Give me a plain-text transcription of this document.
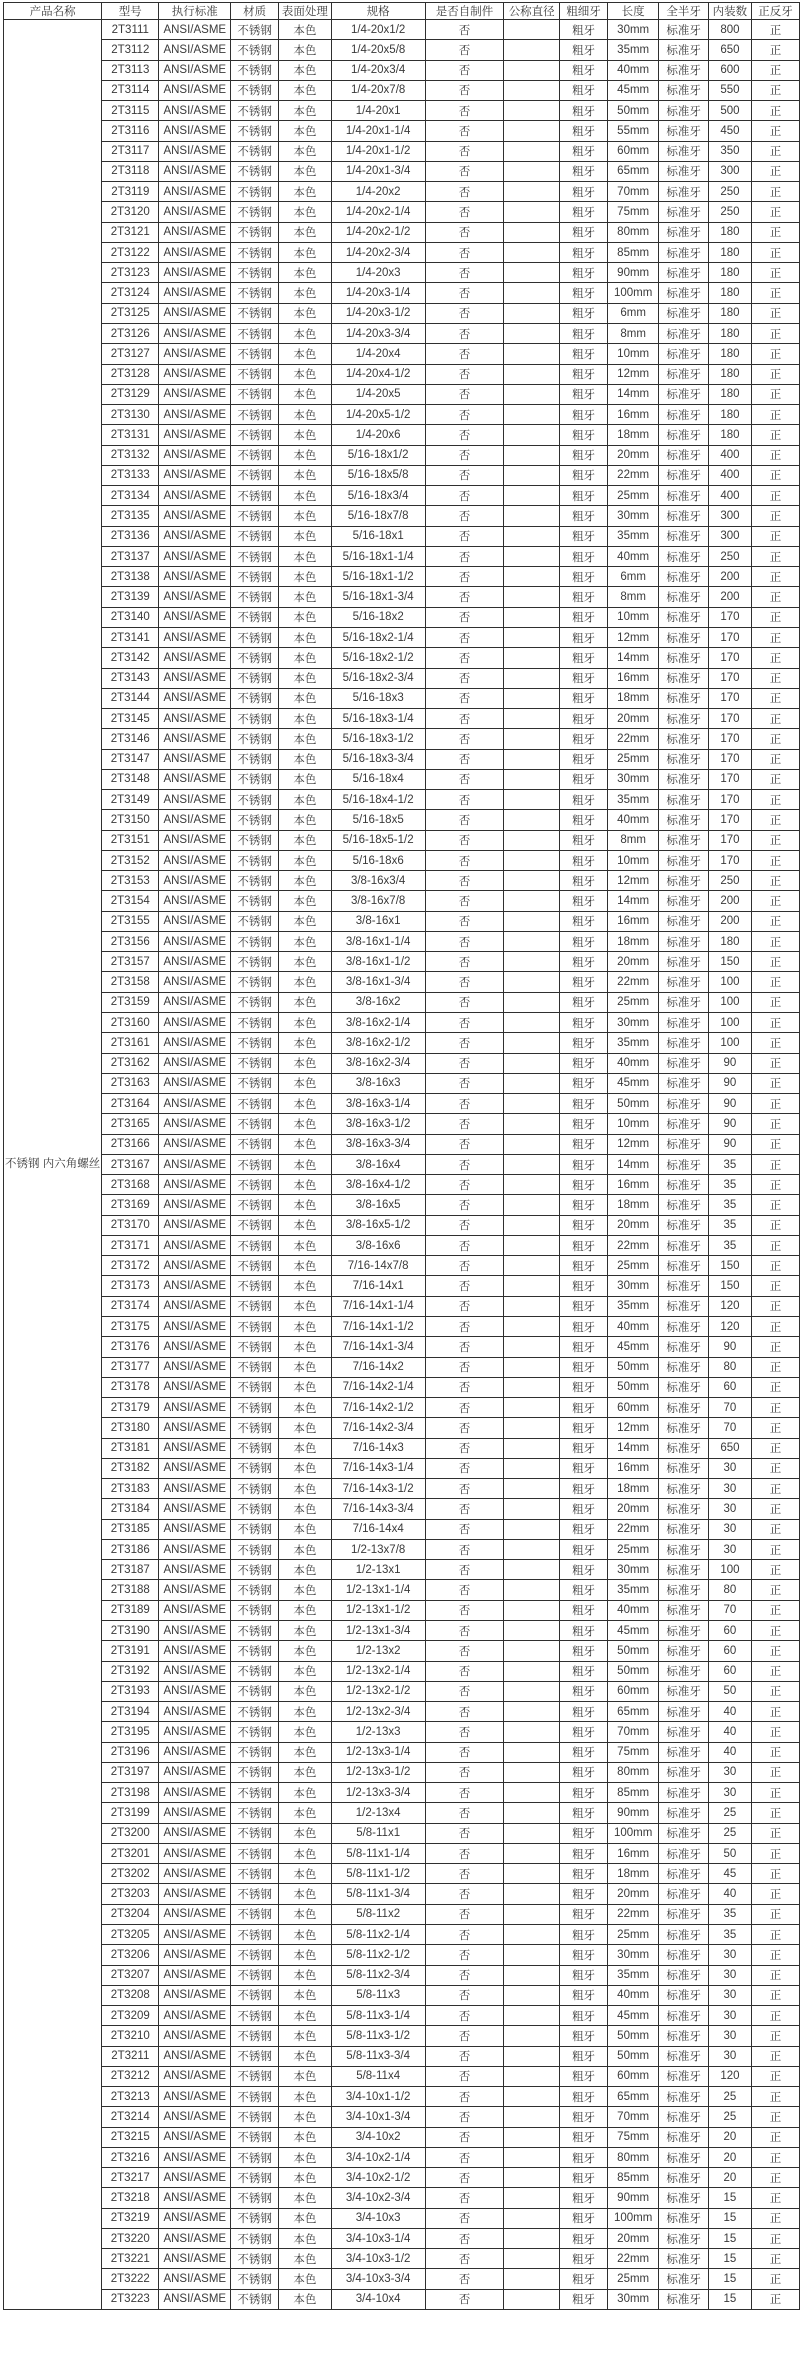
产品名称	型号	执行标准	材质	表面处理	规格	是否自制件	公称直径	粗细牙	长度	全半牙	内装数	正反牙
不锈钢 内六角螺丝	2T3111	ANSI/ASME	不锈钢	本色	1/4-20x1/2	否		粗牙	30mm	标准牙	800	正
	2T3112	ANSI/ASME	不锈钢	本色	1/4-20x5/8	否		粗牙	35mm	标准牙	650	正
	2T3113	ANSI/ASME	不锈钢	本色	1/4-20x3/4	否		粗牙	40mm	标准牙	600	正
	2T3114	ANSI/ASME	不锈钢	本色	1/4-20x7/8	否		粗牙	45mm	标准牙	550	正
	2T3115	ANSI/ASME	不锈钢	本色	1/4-20x1	否		粗牙	50mm	标准牙	500	正
	2T3116	ANSI/ASME	不锈钢	本色	1/4-20x1-1/4	否		粗牙	55mm	标准牙	450	正
	2T3117	ANSI/ASME	不锈钢	本色	1/4-20x1-1/2	否		粗牙	60mm	标准牙	350	正
	2T3118	ANSI/ASME	不锈钢	本色	1/4-20x1-3/4	否		粗牙	65mm	标准牙	300	正
	2T3119	ANSI/ASME	不锈钢	本色	1/4-20x2	否		粗牙	70mm	标准牙	250	正
	2T3120	ANSI/ASME	不锈钢	本色	1/4-20x2-1/4	否		粗牙	75mm	标准牙	250	正
	2T3121	ANSI/ASME	不锈钢	本色	1/4-20x2-1/2	否		粗牙	80mm	标准牙	180	正
	2T3122	ANSI/ASME	不锈钢	本色	1/4-20x2-3/4	否		粗牙	85mm	标准牙	180	正
	2T3123	ANSI/ASME	不锈钢	本色	1/4-20x3	否		粗牙	90mm	标准牙	180	正
	2T3124	ANSI/ASME	不锈钢	本色	1/4-20x3-1/4	否		粗牙	100mm	标准牙	180	正
	2T3125	ANSI/ASME	不锈钢	本色	1/4-20x3-1/2	否		粗牙	6mm	标准牙	180	正
	2T3126	ANSI/ASME	不锈钢	本色	1/4-20x3-3/4	否		粗牙	8mm	标准牙	180	正
	2T3127	ANSI/ASME	不锈钢	本色	1/4-20x4	否		粗牙	10mm	标准牙	180	正
	2T3128	ANSI/ASME	不锈钢	本色	1/4-20x4-1/2	否		粗牙	12mm	标准牙	180	正
	2T3129	ANSI/ASME	不锈钢	本色	1/4-20x5	否		粗牙	14mm	标准牙	180	正
	2T3130	ANSI/ASME	不锈钢	本色	1/4-20x5-1/2	否		粗牙	16mm	标准牙	180	正
	2T3131	ANSI/ASME	不锈钢	本色	1/4-20x6	否		粗牙	18mm	标准牙	180	正
	2T3132	ANSI/ASME	不锈钢	本色	5/16-18x1/2	否		粗牙	20mm	标准牙	400	正
	2T3133	ANSI/ASME	不锈钢	本色	5/16-18x5/8	否		粗牙	22mm	标准牙	400	正
	2T3134	ANSI/ASME	不锈钢	本色	5/16-18x3/4	否		粗牙	25mm	标准牙	400	正
	2T3135	ANSI/ASME	不锈钢	本色	5/16-18x7/8	否		粗牙	30mm	标准牙	300	正
	2T3136	ANSI/ASME	不锈钢	本色	5/16-18x1	否		粗牙	35mm	标准牙	300	正
	2T3137	ANSI/ASME	不锈钢	本色	5/16-18x1-1/4	否		粗牙	40mm	标准牙	250	正
	2T3138	ANSI/ASME	不锈钢	本色	5/16-18x1-1/2	否		粗牙	6mm	标准牙	200	正
	2T3139	ANSI/ASME	不锈钢	本色	5/16-18x1-3/4	否		粗牙	8mm	标准牙	200	正
	2T3140	ANSI/ASME	不锈钢	本色	5/16-18x2	否		粗牙	10mm	标准牙	170	正
	2T3141	ANSI/ASME	不锈钢	本色	5/16-18x2-1/4	否		粗牙	12mm	标准牙	170	正
	2T3142	ANSI/ASME	不锈钢	本色	5/16-18x2-1/2	否		粗牙	14mm	标准牙	170	正
	2T3143	ANSI/ASME	不锈钢	本色	5/16-18x2-3/4	否		粗牙	16mm	标准牙	170	正
	2T3144	ANSI/ASME	不锈钢	本色	5/16-18x3	否		粗牙	18mm	标准牙	170	正
	2T3145	ANSI/ASME	不锈钢	本色	5/16-18x3-1/4	否		粗牙	20mm	标准牙	170	正
	2T3146	ANSI/ASME	不锈钢	本色	5/16-18x3-1/2	否		粗牙	22mm	标准牙	170	正
	2T3147	ANSI/ASME	不锈钢	本色	5/16-18x3-3/4	否		粗牙	25mm	标准牙	170	正
	2T3148	ANSI/ASME	不锈钢	本色	5/16-18x4	否		粗牙	30mm	标准牙	170	正
	2T3149	ANSI/ASME	不锈钢	本色	5/16-18x4-1/2	否		粗牙	35mm	标准牙	170	正
	2T3150	ANSI/ASME	不锈钢	本色	5/16-18x5	否		粗牙	40mm	标准牙	170	正
	2T3151	ANSI/ASME	不锈钢	本色	5/16-18x5-1/2	否		粗牙	8mm	标准牙	170	正
	2T3152	ANSI/ASME	不锈钢	本色	5/16-18x6	否		粗牙	10mm	标准牙	170	正
	2T3153	ANSI/ASME	不锈钢	本色	3/8-16x3/4	否		粗牙	12mm	标准牙	250	正
	2T3154	ANSI/ASME	不锈钢	本色	3/8-16x7/8	否		粗牙	14mm	标准牙	200	正
	2T3155	ANSI/ASME	不锈钢	本色	3/8-16x1	否		粗牙	16mm	标准牙	200	正
	2T3156	ANSI/ASME	不锈钢	本色	3/8-16x1-1/4	否		粗牙	18mm	标准牙	180	正
	2T3157	ANSI/ASME	不锈钢	本色	3/8-16x1-1/2	否		粗牙	20mm	标准牙	150	正
	2T3158	ANSI/ASME	不锈钢	本色	3/8-16x1-3/4	否		粗牙	22mm	标准牙	100	正
	2T3159	ANSI/ASME	不锈钢	本色	3/8-16x2	否		粗牙	25mm	标准牙	100	正
	2T3160	ANSI/ASME	不锈钢	本色	3/8-16x2-1/4	否		粗牙	30mm	标准牙	100	正
	2T3161	ANSI/ASME	不锈钢	本色	3/8-16x2-1/2	否		粗牙	35mm	标准牙	100	正
	2T3162	ANSI/ASME	不锈钢	本色	3/8-16x2-3/4	否		粗牙	40mm	标准牙	90	正
	2T3163	ANSI/ASME	不锈钢	本色	3/8-16x3	否		粗牙	45mm	标准牙	90	正
	2T3164	ANSI/ASME	不锈钢	本色	3/8-16x3-1/4	否		粗牙	50mm	标准牙	90	正
	2T3165	ANSI/ASME	不锈钢	本色	3/8-16x3-1/2	否		粗牙	10mm	标准牙	90	正
	2T3166	ANSI/ASME	不锈钢	本色	3/8-16x3-3/4	否		粗牙	12mm	标准牙	90	正
	2T3167	ANSI/ASME	不锈钢	本色	3/8-16x4	否		粗牙	14mm	标准牙	35	正
	2T3168	ANSI/ASME	不锈钢	本色	3/8-16x4-1/2	否		粗牙	16mm	标准牙	35	正
	2T3169	ANSI/ASME	不锈钢	本色	3/8-16x5	否		粗牙	18mm	标准牙	35	正
	2T3170	ANSI/ASME	不锈钢	本色	3/8-16x5-1/2	否		粗牙	20mm	标准牙	35	正
	2T3171	ANSI/ASME	不锈钢	本色	3/8-16x6	否		粗牙	22mm	标准牙	35	正
	2T3172	ANSI/ASME	不锈钢	本色	7/16-14x7/8	否		粗牙	25mm	标准牙	150	正
	2T3173	ANSI/ASME	不锈钢	本色	7/16-14x1	否		粗牙	30mm	标准牙	150	正
	2T3174	ANSI/ASME	不锈钢	本色	7/16-14x1-1/4	否		粗牙	35mm	标准牙	120	正
	2T3175	ANSI/ASME	不锈钢	本色	7/16-14x1-1/2	否		粗牙	40mm	标准牙	120	正
	2T3176	ANSI/ASME	不锈钢	本色	7/16-14x1-3/4	否		粗牙	45mm	标准牙	90	正
	2T3177	ANSI/ASME	不锈钢	本色	7/16-14x2	否		粗牙	50mm	标准牙	80	正
	2T3178	ANSI/ASME	不锈钢	本色	7/16-14x2-1/4	否		粗牙	50mm	标准牙	60	正
	2T3179	ANSI/ASME	不锈钢	本色	7/16-14x2-1/2	否		粗牙	60mm	标准牙	70	正
	2T3180	ANSI/ASME	不锈钢	本色	7/16-14x2-3/4	否		粗牙	12mm	标准牙	70	正
	2T3181	ANSI/ASME	不锈钢	本色	7/16-14x3	否		粗牙	14mm	标准牙	650	正
	2T3182	ANSI/ASME	不锈钢	本色	7/16-14x3-1/4	否		粗牙	16mm	标准牙	30	正
	2T3183	ANSI/ASME	不锈钢	本色	7/16-14x3-1/2	否		粗牙	18mm	标准牙	30	正
	2T3184	ANSI/ASME	不锈钢	本色	7/16-14x3-3/4	否		粗牙	20mm	标准牙	30	正
	2T3185	ANSI/ASME	不锈钢	本色	7/16-14x4	否		粗牙	22mm	标准牙	30	正
	2T3186	ANSI/ASME	不锈钢	本色	1/2-13x7/8	否		粗牙	25mm	标准牙	30	正
	2T3187	ANSI/ASME	不锈钢	本色	1/2-13x1	否		粗牙	30mm	标准牙	100	正
	2T3188	ANSI/ASME	不锈钢	本色	1/2-13x1-1/4	否		粗牙	35mm	标准牙	80	正
	2T3189	ANSI/ASME	不锈钢	本色	1/2-13x1-1/2	否		粗牙	40mm	标准牙	70	正
	2T3190	ANSI/ASME	不锈钢	本色	1/2-13x1-3/4	否		粗牙	45mm	标准牙	60	正
	2T3191	ANSI/ASME	不锈钢	本色	1/2-13x2	否		粗牙	50mm	标准牙	60	正
	2T3192	ANSI/ASME	不锈钢	本色	1/2-13x2-1/4	否		粗牙	50mm	标准牙	60	正
	2T3193	ANSI/ASME	不锈钢	本色	1/2-13x2-1/2	否		粗牙	60mm	标准牙	50	正
	2T3194	ANSI/ASME	不锈钢	本色	1/2-13x2-3/4	否		粗牙	65mm	标准牙	40	正
	2T3195	ANSI/ASME	不锈钢	本色	1/2-13x3	否		粗牙	70mm	标准牙	40	正
	2T3196	ANSI/ASME	不锈钢	本色	1/2-13x3-1/4	否		粗牙	75mm	标准牙	40	正
	2T3197	ANSI/ASME	不锈钢	本色	1/2-13x3-1/2	否		粗牙	80mm	标准牙	30	正
	2T3198	ANSI/ASME	不锈钢	本色	1/2-13x3-3/4	否		粗牙	85mm	标准牙	30	正
	2T3199	ANSI/ASME	不锈钢	本色	1/2-13x4	否		粗牙	90mm	标准牙	25	正
	2T3200	ANSI/ASME	不锈钢	本色	5/8-11x1	否		粗牙	100mm	标准牙	25	正
	2T3201	ANSI/ASME	不锈钢	本色	5/8-11x1-1/4	否		粗牙	16mm	标准牙	50	正
	2T3202	ANSI/ASME	不锈钢	本色	5/8-11x1-1/2	否		粗牙	18mm	标准牙	45	正
	2T3203	ANSI/ASME	不锈钢	本色	5/8-11x1-3/4	否		粗牙	20mm	标准牙	40	正
	2T3204	ANSI/ASME	不锈钢	本色	5/8-11x2	否		粗牙	22mm	标准牙	35	正
	2T3205	ANSI/ASME	不锈钢	本色	5/8-11x2-1/4	否		粗牙	25mm	标准牙	35	正
	2T3206	ANSI/ASME	不锈钢	本色	5/8-11x2-1/2	否		粗牙	30mm	标准牙	30	正
	2T3207	ANSI/ASME	不锈钢	本色	5/8-11x2-3/4	否		粗牙	35mm	标准牙	30	正
	2T3208	ANSI/ASME	不锈钢	本色	5/8-11x3	否		粗牙	40mm	标准牙	30	正
	2T3209	ANSI/ASME	不锈钢	本色	5/8-11x3-1/4	否		粗牙	45mm	标准牙	30	正
	2T3210	ANSI/ASME	不锈钢	本色	5/8-11x3-1/2	否		粗牙	50mm	标准牙	30	正
	2T3211	ANSI/ASME	不锈钢	本色	5/8-11x3-3/4	否		粗牙	50mm	标准牙	30	正
	2T3212	ANSI/ASME	不锈钢	本色	5/8-11x4	否		粗牙	60mm	标准牙	120	正
	2T3213	ANSI/ASME	不锈钢	本色	3/4-10x1-1/2	否		粗牙	65mm	标准牙	25	正
	2T3214	ANSI/ASME	不锈钢	本色	3/4-10x1-3/4	否		粗牙	70mm	标准牙	25	正
	2T3215	ANSI/ASME	不锈钢	本色	3/4-10x2	否		粗牙	75mm	标准牙	20	正
	2T3216	ANSI/ASME	不锈钢	本色	3/4-10x2-1/4	否		粗牙	80mm	标准牙	20	正
	2T3217	ANSI/ASME	不锈钢	本色	3/4-10x2-1/2	否		粗牙	85mm	标准牙	20	正
	2T3218	ANSI/ASME	不锈钢	本色	3/4-10x2-3/4	否		粗牙	90mm	标准牙	15	正
	2T3219	ANSI/ASME	不锈钢	本色	3/4-10x3	否		粗牙	100mm	标准牙	15	正
	2T3220	ANSI/ASME	不锈钢	本色	3/4-10x3-1/4	否		粗牙	20mm	标准牙	15	正
	2T3221	ANSI/ASME	不锈钢	本色	3/4-10x3-1/2	否		粗牙	22mm	标准牙	15	正
	2T3222	ANSI/ASME	不锈钢	本色	3/4-10x3-3/4	否		粗牙	25mm	标准牙	15	正
	2T3223	ANSI/ASME	不锈钢	本色	3/4-10x4	否		粗牙	30mm	标准牙	15	正
